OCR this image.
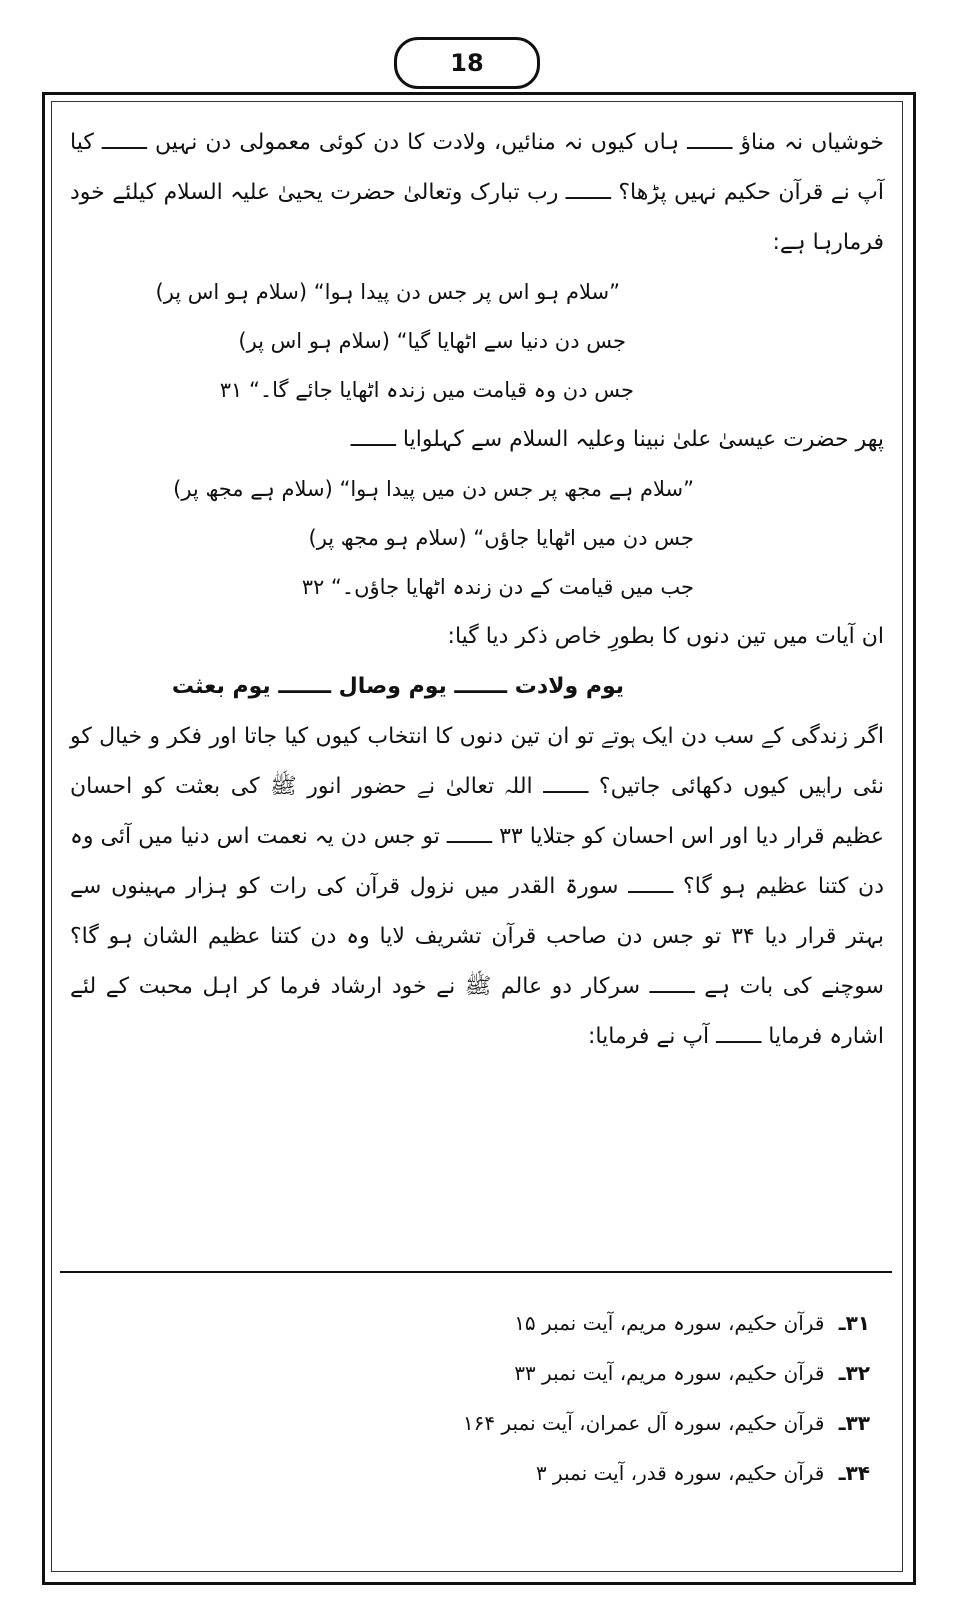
18

خوشیاں نہ مناؤ ـــــــ ہاں کیوں نہ منائیں، ولادت کا دن کوئی معمولی دن نہیں ـــــــ کیا آپ نے قرآن حکیم نہیں پڑھا؟ ـــــــ رب تبارک وتعالیٰ حضرت یحییٰ علیہ السلام کیلئے خود فرمارہا ہے:

”سلام ہو اس پر جس دن پیدا ہوا“ (سلام ہو اس پر)
جس دن دنیا سے اٹھایا گیا“ (سلام ہو اس پر)
جس دن وہ قیامت میں زندہ اٹھایا جائے گا۔“ ۳۱
پھر حضرت عیسیٰ علیٰ نبینا وعلیہ السلام سے کہلوایا ـــــــ
”سلام ہے مجھ پر جس دن میں پیدا ہوا“ (سلام ہے مجھ پر)
جس دن میں اٹھایا جاؤں“ (سلام ہو مجھ پر)
جب میں قیامت کے دن زندہ اٹھایا جاؤں۔“ ۳۲
ان آیات میں تین دنوں کا بطورِ خاص ذکر دیا گیا:
یوم ولادت ـــــــ یوم وصال ـــــــ یوم بعثت

اگر زندگی کے سب دن ایک ہوتے تو ان تین دنوں کا انتخاب کیوں کیا جاتا اور فکر و خیال کو نئی راہیں کیوں دکھائی جاتیں؟ ـــــــ اللہ تعالیٰ نے حضور انور ﷺ کی بعثت کو احسان عظیم قرار دیا اور اس احسان کو جتلایا ۳۳ ـــــــ تو جس دن یہ نعمت اس دنیا میں آئی وہ دن کتنا عظیم ہو گا؟ ـــــــ سورۃ القدر میں نزول قرآن کی رات کو ہزار مہینوں سے بہتر قرار دیا ۳۴ تو جس دن صاحب قرآن تشریف لایا وہ دن کتنا عظیم الشان ہو گا؟ سوچنے کی بات ہے ـــــــ سرکار دو عالم ﷺ نے خود ارشاد فرما کر اہل محبت کے لئے اشارہ فرمایا ـــــــ آپ نے فرمایا:

۳۱ـ قرآن حکیم، سورہ مریم، آیت نمبر ۱۵
۳۲ـ قرآن حکیم، سورہ مریم، آیت نمبر ۳۳
۳۳ـ قرآن حکیم، سورہ آل عمران، آیت نمبر ۱۶۴
۳۴ـ قرآن حکیم، سورہ قدر، آیت نمبر ۳
